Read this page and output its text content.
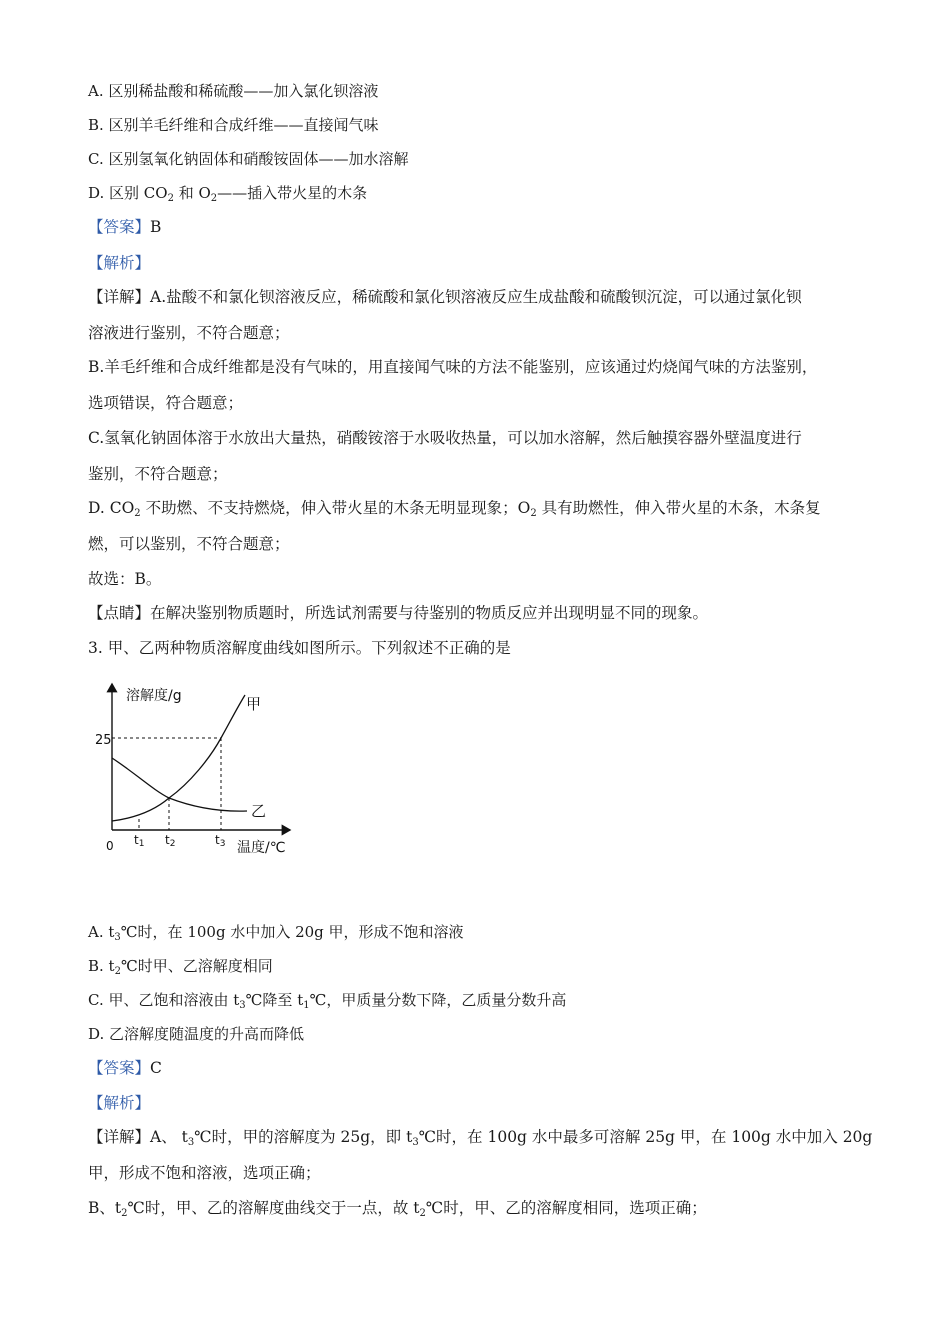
A. 区别稀盐酸和稀硫酸——加入氯化钡溶液
B. 区别羊毛纤维和合成纤维——直接闻气味
C. 区别氢氧化钠固体和硝酸铵固体——加水溶解
D. 区别 $CO_2$ 和 $O_2——$插入带火星的木条
【答案】B
【解析】
【详解】A.盐酸不和氯化钡溶液反应，稀硫酸和氯化钡溶液反应生成盐酸和硫酸钡沉淀，可以通过氯化钡
溶液进行鉴别，不符合题意；
B.羊毛纤维和合成纤维都是没有气味的，用直接闻气味的方法不能鉴别，应该通过灼烧闻气味的方法鉴别，
选项错误，符合题意；
C.氢氧化钠固体溶于水放出大量热，硝酸铵溶于水吸收热量，可以加水溶解，然后触摸容器外壁温度进行
鉴别，不符合题意；
D. $CO_2$ 不助燃、不支持燃烧，伸入带火星的木条无明显现象；$O_2$ 具有助燃性，伸入带火星的木条，木条复
燃，可以鉴别，不符合题意；
故选：B。
【点睛】在解决鉴别物质题时，所选试剂需要与待鉴别的物质反应并出现明显不同的现象。
3. 甲、乙两种物质溶解度曲线如图所示。下列叙述不正确的是
溶解度/g
温度/℃
0
25
甲
乙
t1 t2	t3
A. $t_3℃$时，在 100g 水中加入 20g 甲，形成不饱和溶液
B. $t_2℃$时甲、乙溶解度相同
C. 甲、乙饱和溶液由 $t_3℃$降至 $t_1℃$，甲质量分数下降，乙质量分数升高
D. 乙溶解度随温度的升高而降低
【答案】C
【解析】
【详解】A、 $t_3℃$时，甲的溶解度为 25g，即 $t_3℃$时，在 100g 水中最多可溶解 25g 甲，在 100g 水中加入 20g
甲，形成不饱和溶液，选项正确；
B、$t_2℃$时，甲、乙的溶解度曲线交于一点，故 $t_2℃$时，甲、乙的溶解度相同，选项正确；
